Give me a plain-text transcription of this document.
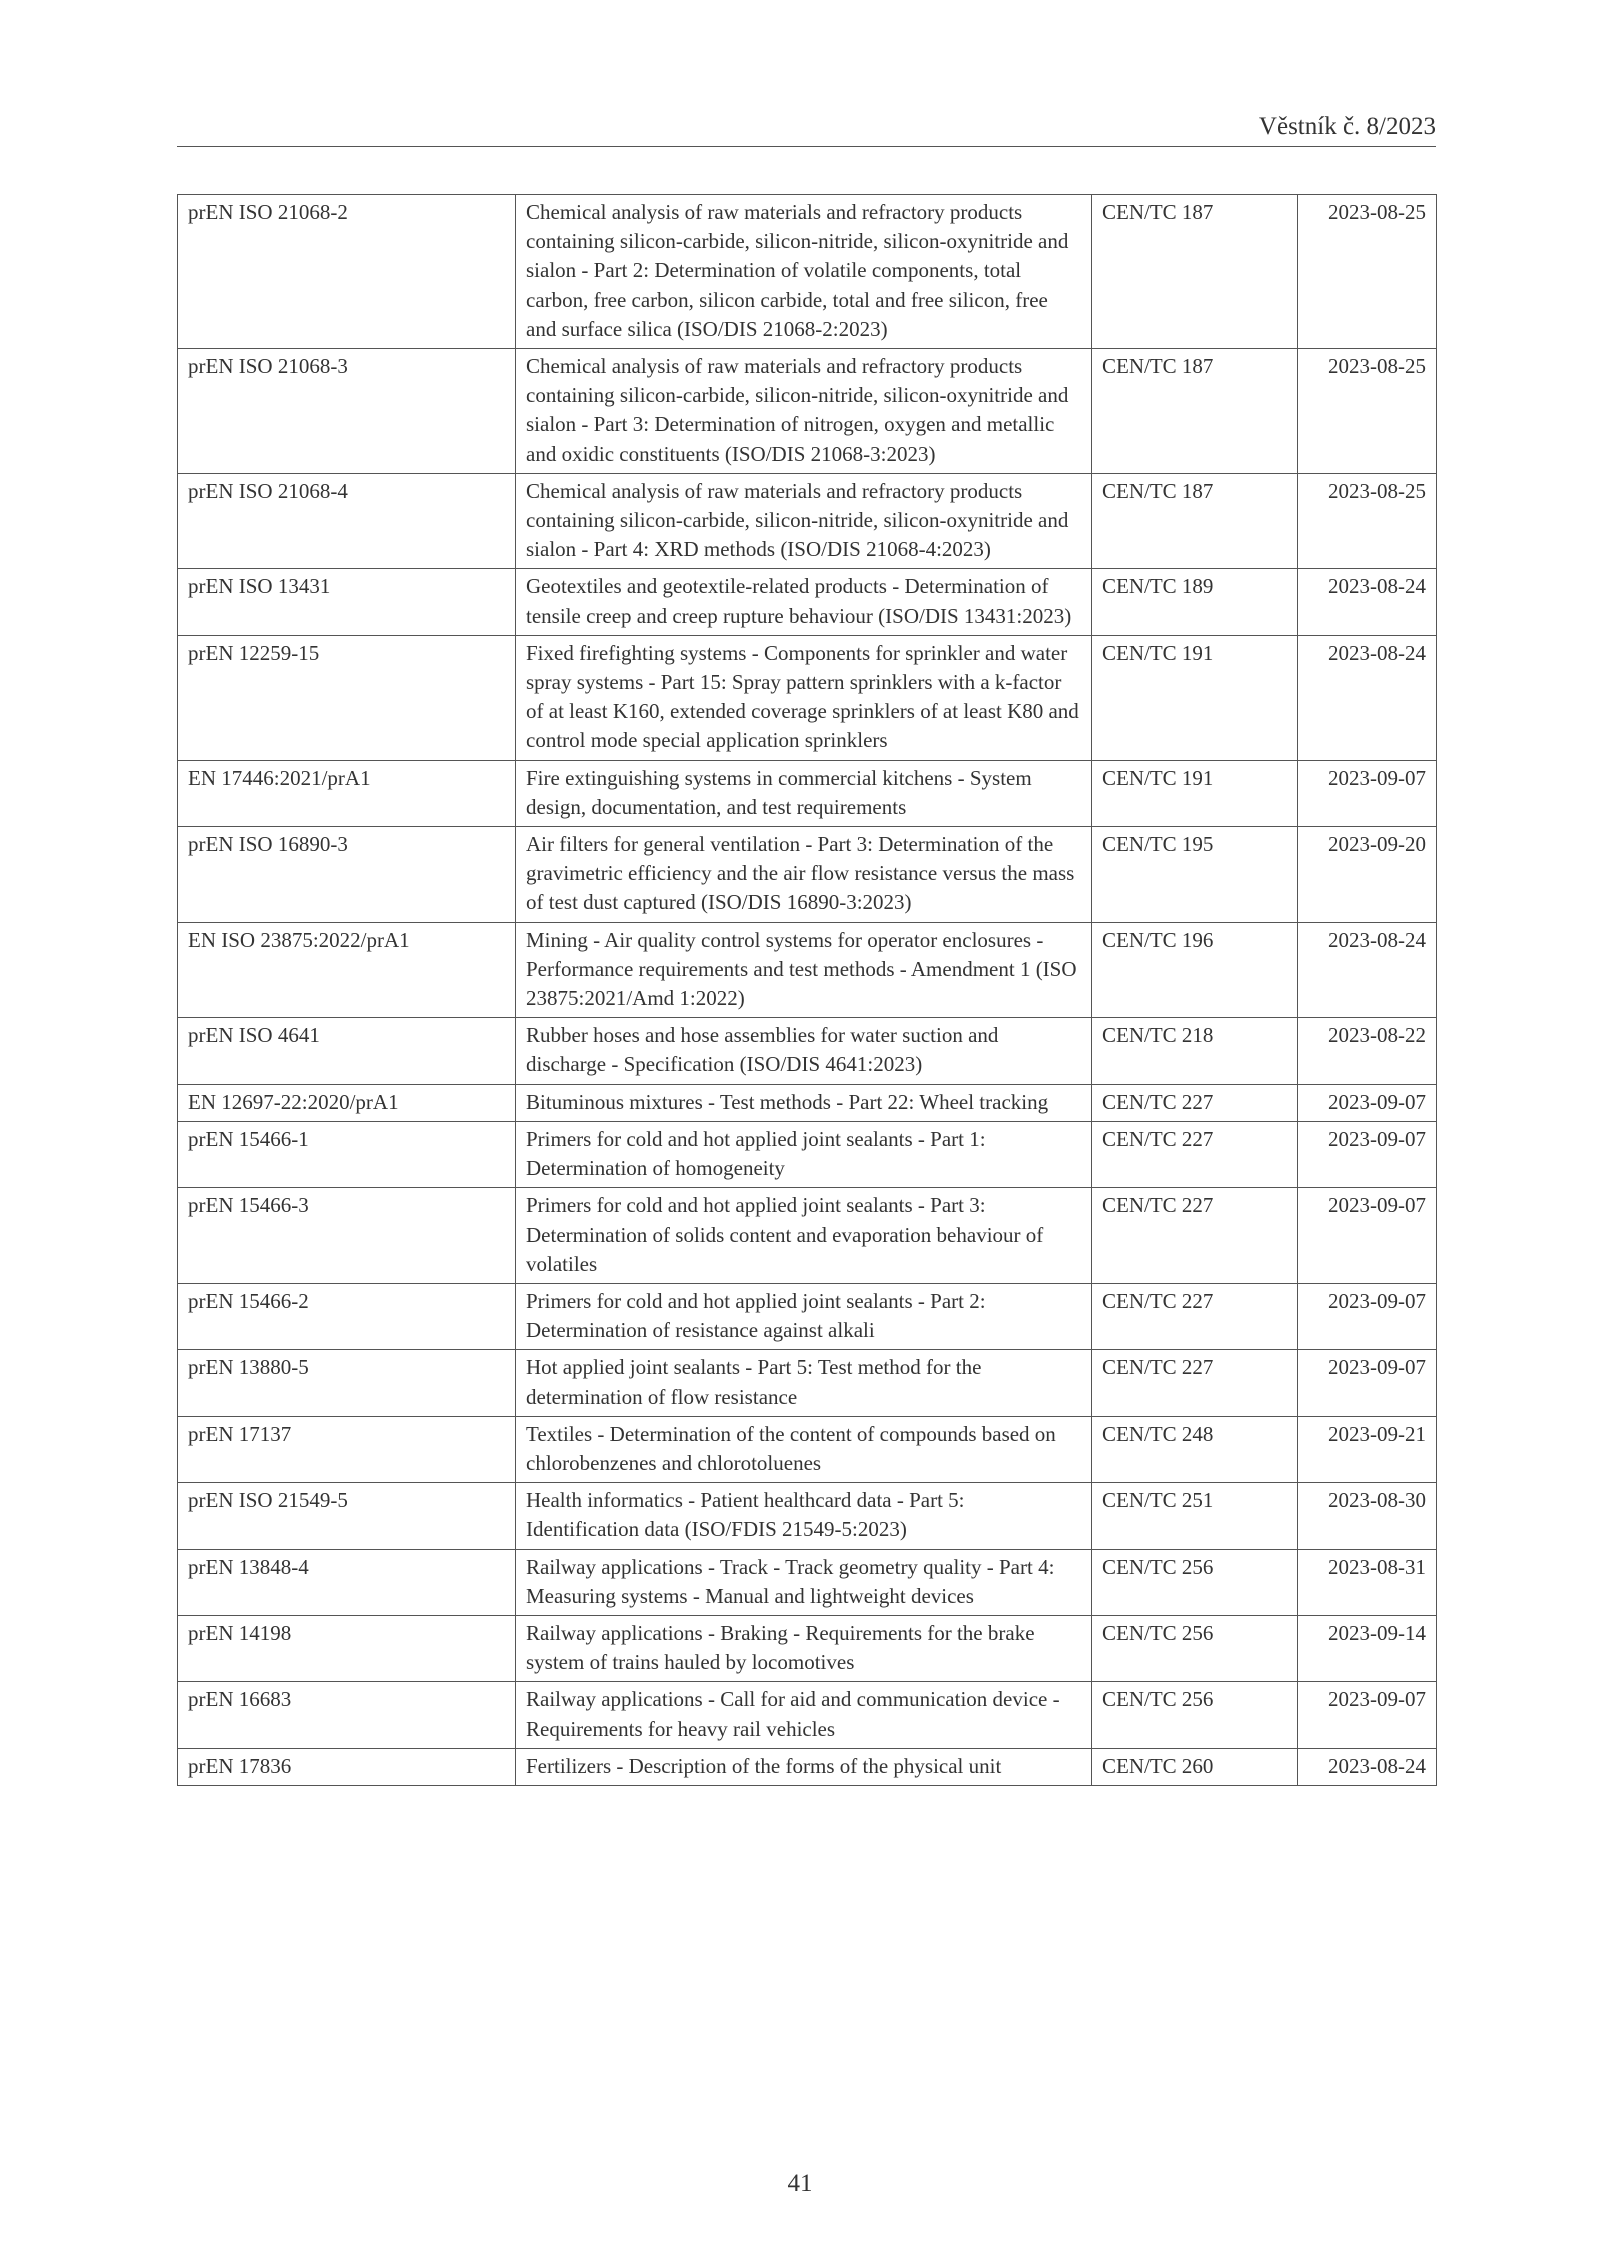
Věstník č. 8/2023
prEN ISO 21068-2	Chemical analysis of raw materials and refractory products containing silicon-carbide, silicon-nitride, silicon-oxynitride and sialon - Part 2: Determination of volatile components, total carbon, free carbon, silicon carbide, total and free silicon, free and surface silica (ISO/DIS 21068-2:2023)	CEN/TC 187	2023-08-25
prEN ISO 21068-3	Chemical analysis of raw materials and refractory products containing silicon-carbide, silicon-nitride, silicon-oxynitride and sialon - Part 3: Determination of nitrogen, oxygen and metallic and oxidic constituents (ISO/DIS 21068-3:2023)	CEN/TC 187	2023-08-25
prEN ISO 21068-4	Chemical analysis of raw materials and refractory products containing silicon-carbide, silicon-nitride, silicon-oxynitride and sialon - Part 4: XRD methods (ISO/DIS 21068-4:2023)	CEN/TC 187	2023-08-25
prEN ISO 13431	Geotextiles and geotextile-related products - Determination of tensile creep and creep rupture behaviour (ISO/DIS 13431:2023)	CEN/TC 189	2023-08-24
prEN 12259-15	Fixed firefighting systems - Components for sprinkler and water spray systems - Part 15: Spray pattern sprinklers with a k-factor of at least K160, extended coverage sprinklers of at least K80 and control mode special application sprinklers	CEN/TC 191	2023-08-24
EN 17446:2021/prA1	Fire extinguishing systems in commercial kitchens - System design, documentation, and test requirements	CEN/TC 191	2023-09-07
prEN ISO 16890-3	Air filters for general ventilation - Part 3: Determination of the gravimetric efficiency and the air flow resistance versus the mass of test dust captured (ISO/DIS 16890-3:2023)	CEN/TC 195	2023-09-20
EN ISO 23875:2022/prA1	Mining - Air quality control systems for operator enclosures - Performance requirements and test methods - Amendment 1 (ISO 23875:2021/Amd 1:2022)	CEN/TC 196	2023-08-24
prEN ISO 4641	Rubber hoses and hose assemblies for water suction and discharge - Specification (ISO/DIS 4641:2023)	CEN/TC 218	2023-08-22
EN 12697-22:2020/prA1	Bituminous mixtures - Test methods - Part 22: Wheel tracking	CEN/TC 227	2023-09-07
prEN 15466-1	Primers for cold and hot applied joint sealants - Part 1: Determination of homogeneity	CEN/TC 227	2023-09-07
prEN 15466-3	Primers for cold and hot applied joint sealants - Part 3: Determination of solids content and evaporation behaviour of volatiles	CEN/TC 227	2023-09-07
prEN 15466-2	Primers for cold and hot applied joint sealants - Part 2: Determination of resistance against alkali	CEN/TC 227	2023-09-07
prEN 13880-5	Hot applied joint sealants - Part 5: Test method for the determination of flow resistance	CEN/TC 227	2023-09-07
prEN 17137	Textiles - Determination of the content of compounds based on chlorobenzenes and chlorotoluenes	CEN/TC 248	2023-09-21
prEN ISO 21549-5	Health informatics - Patient healthcard data - Part 5: Identification data (ISO/FDIS 21549-5:2023)	CEN/TC 251	2023-08-30
prEN 13848-4	Railway applications - Track - Track geometry quality - Part 4: Measuring systems - Manual and lightweight devices	CEN/TC 256	2023-08-31
prEN 14198	Railway applications - Braking - Requirements for the brake system of trains hauled by locomotives	CEN/TC 256	2023-09-14
prEN 16683	Railway applications - Call for aid and communication device - Requirements for heavy rail vehicles	CEN/TC 256	2023-09-07
prEN 17836	Fertilizers - Description of the forms of the physical unit	CEN/TC 260	2023-08-24
41
